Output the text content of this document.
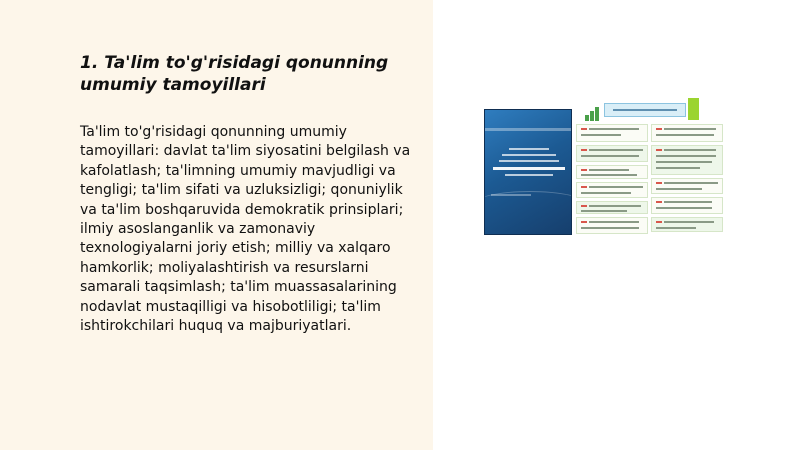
1. Ta'lim to'g'risidagi qonunning umumiy tamoyillari

Ta'lim to'g'risidagi qonunning umumiy tamoyillari: davlat ta'lim siyosatini belgilash va kafolatlash; ta'limning umumiy mavjudligi va tengligi; ta'lim sifati va uzluksizligi; qonuniylik va ta'lim boshqaruvida demokratik prinsiplari; ilmiy asoslanganlik va zamonaviy texnologiyalarni joriy etish; milliy va xalqaro hamkorlik; moliyalashtirish va resurslarni samarali taqsimlash; ta'lim muassasalarining nodavlat mustaqilligi va hisobotliligi; ta'lim ishtirokchilari huquq va majburiyatlari.
